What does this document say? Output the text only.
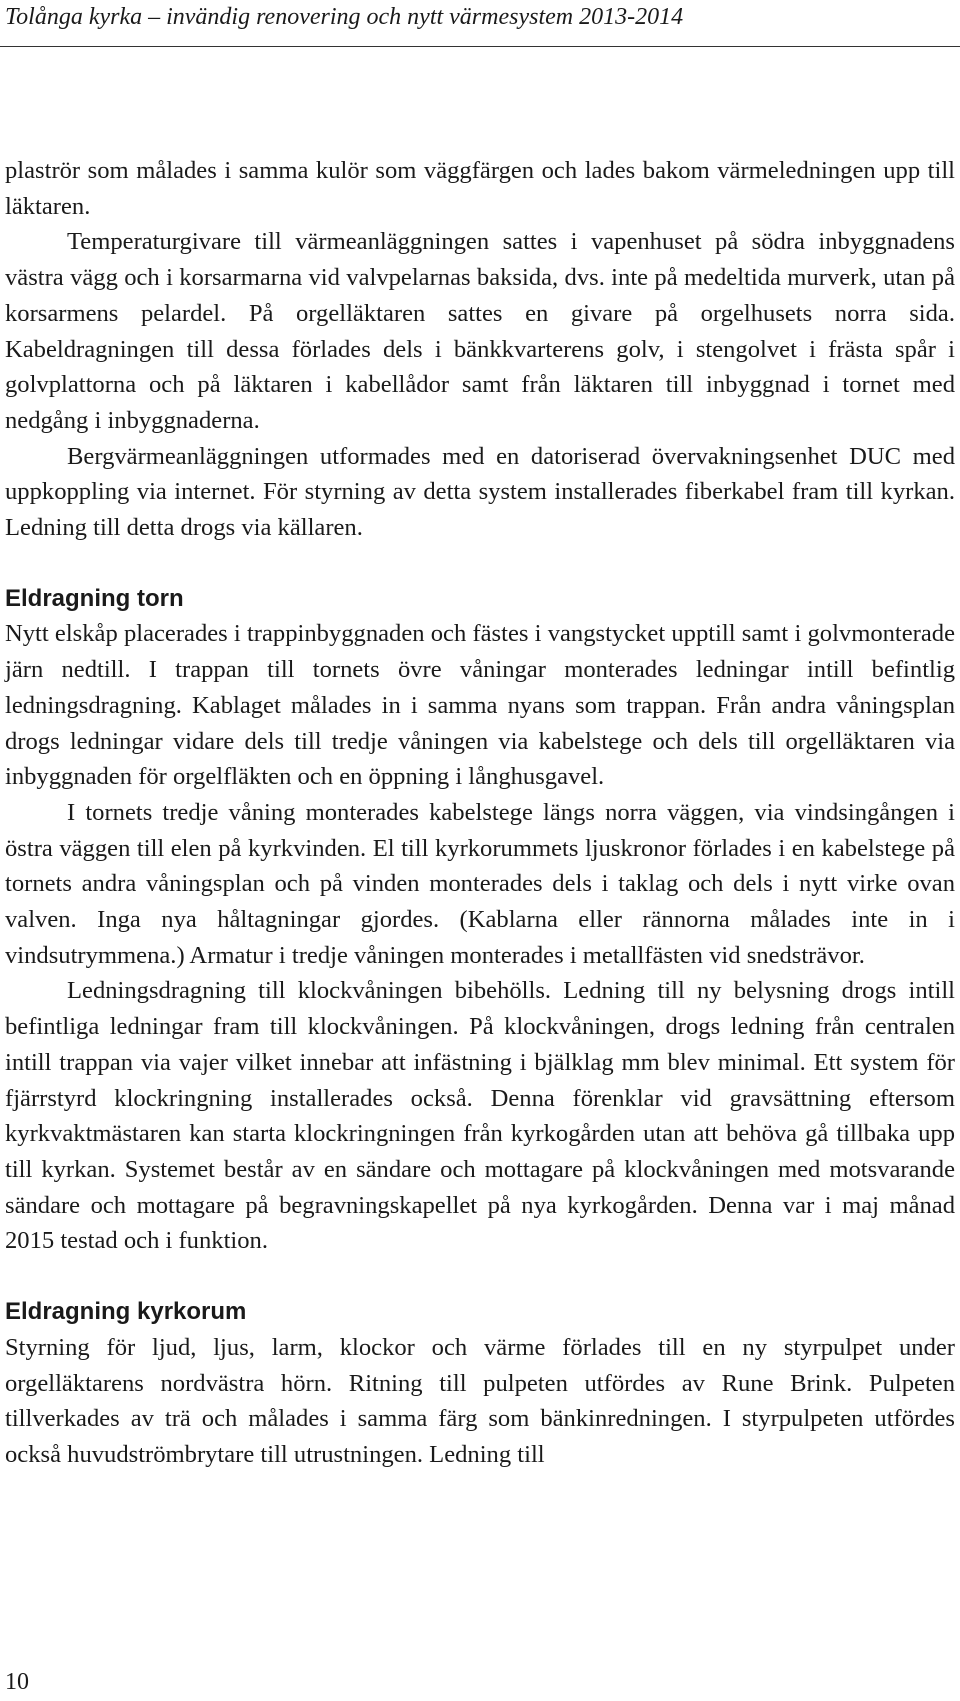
Tolånga kyrka – invändig renovering och nytt värmesystem 2013-2014

plaströr som målades i samma kulör som väggfärgen och lades bakom värmeledningen upp till läktaren.

Temperaturgivare till värmeanläggningen sattes i vapenhuset på södra inbyggnadens västra vägg och i korsarmarna vid valvpelarnas baksida, dvs. inte på medeltida murverk, utan på korsarmens pelardel. På orgelläktaren sattes en givare på orgelhusets norra sida. Kabeldragningen till dessa förlades dels i bänkkvarterens golv, i stengolvet i frästa spår i golvplattorna och på läktaren i kabellådor samt från läktaren till inbyggnad i tornet med nedgång i inbyggnaderna.

Bergvärmeanläggningen utformades med en datoriserad övervakningsenhet DUC med uppkoppling via internet. För styrning av detta system installerades fiberkabel fram till kyrkan. Ledning till detta drogs via källaren.

Eldragning torn

Nytt elskåp placerades i trappinbyggnaden och fästes i vangstycket upptill samt i golvmonterade järn nedtill. I trappan till tornets övre våningar monterades ledningar intill befintlig ledningsdragning. Kablaget målades in i samma nyans som trappan. Från andra våningsplan drogs ledningar vidare dels till tredje våningen via kabelstege och dels till orgelläktaren via inbyggnaden för orgelfläkten och en öppning i långhusgavel.

I tornets tredje våning monterades kabelstege längs norra väggen, via vindsingången i östra väggen till elen på kyrkvinden. El till kyrkorummets ljuskronor förlades i en kabelstege på tornets andra våningsplan och på vinden monterades dels i taklag och dels i nytt virke ovan valven. Inga nya håltagningar gjordes. (Kablarna eller rännorna målades inte in i vindsutrymmena.) Armatur i tredje våningen monterades i metallfästen vid snedsträvor.

Ledningsdragning till klockvåningen bibehölls. Ledning till ny belysning drogs intill befintliga ledningar fram till klockvåningen. På klockvåningen, drogs ledning från centralen intill trappan via vajer vilket innebar att infästning i bjälklag mm blev minimal. Ett system för fjärrstyrd klockringning installerades också. Denna förenklar vid gravsättning eftersom kyrkvaktmästaren kan starta klockringningen från kyrkogården utan att behöva gå tillbaka upp till kyrkan. Systemet består av en sändare och mottagare på klockvåningen med motsvarande sändare och mottagare på begravningskapellet på nya kyrkogården. Denna var i maj månad 2015 testad och i funktion.

Eldragning kyrkorum

Styrning för ljud, ljus, larm, klockor och värme förlades till en ny styrpulpet under orgelläktarens nordvästra hörn. Ritning till pulpeten utfördes av Rune Brink. Pulpeten tillverkades av trä och målades i samma färg som bänkinredningen. I styrpulpeten utfördes också huvudströmbrytare till utrustningen. Ledning till

10
